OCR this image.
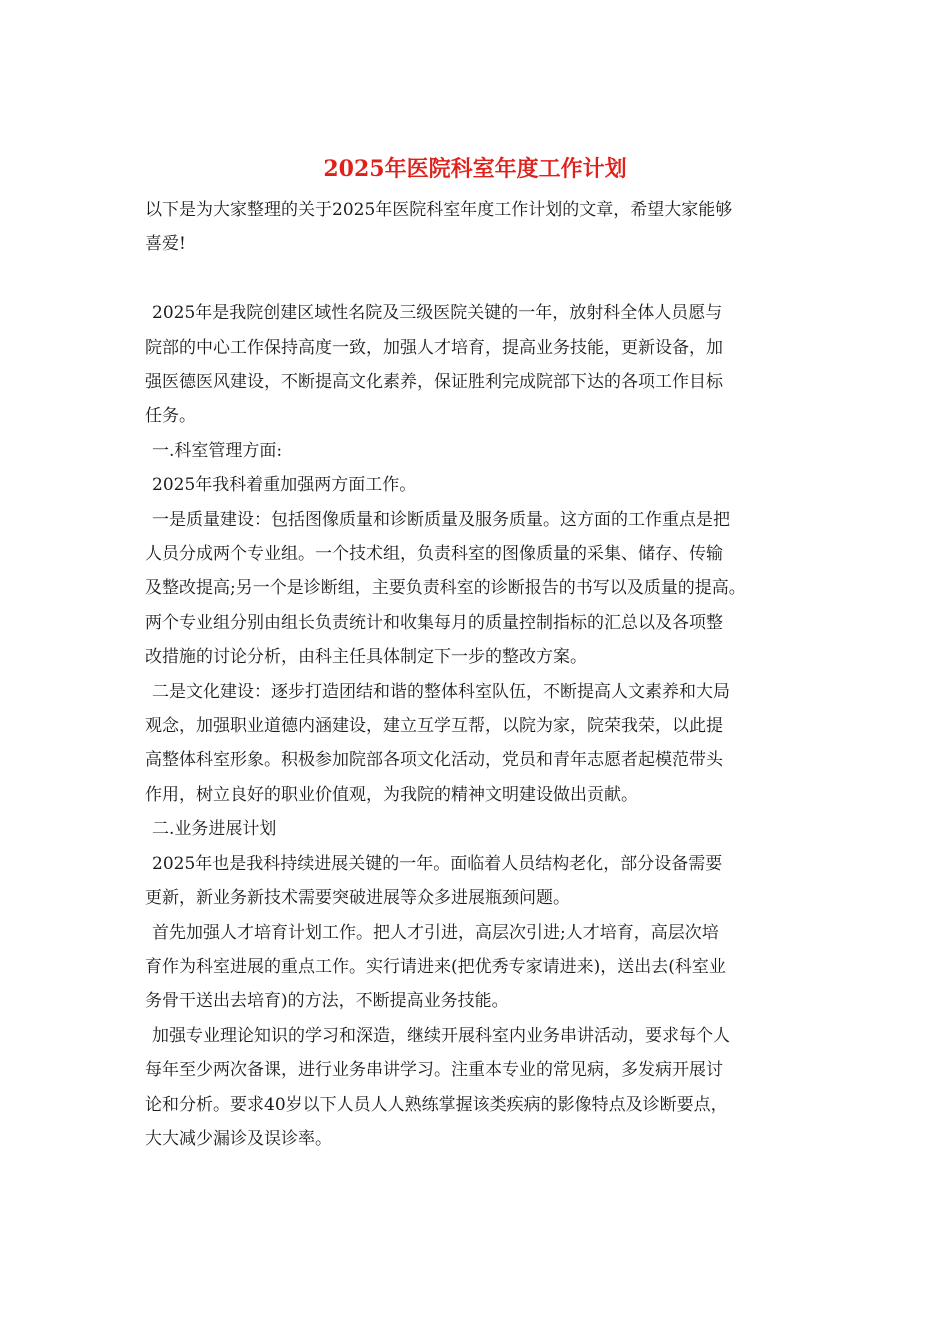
2025年医院科室年度工作计划

以下是为大家整理的关于2025年医院科室年度工作计划的文章，希望大家能够
喜爱!

2025年是我院创建区域性名院及三级医院关键的一年，放射科全体人员愿与
院部的中心工作保持高度一致，加强人才培育，提高业务技能，更新设备，加
强医德医风建设，不断提高文化素养，保证胜利完成院部下达的各项工作目标
任务。

一.科室管理方面:

2025年我科着重加强两方面工作。

一是质量建设：包括图像质量和诊断质量及服务质量。这方面的工作重点是把
人员分成两个专业组。一个技术组，负责科室的图像质量的采集、储存、传输
及整改提高;另一个是诊断组，主要负责科室的诊断报告的书写以及质量的提高。
两个专业组分别由组长负责统计和收集每月的质量控制指标的汇总以及各项整
改措施的讨论分析，由科主任具体制定下一步的整改方案。

二是文化建设：逐步打造团结和谐的整体科室队伍，不断提高人文素养和大局
观念，加强职业道德内涵建设，建立互学互帮，以院为家，院荣我荣，以此提
高整体科室形象。积极参加院部各项文化活动，党员和青年志愿者起模范带头
作用，树立良好的职业价值观，为我院的精神文明建设做出贡献。

二.业务进展计划

2025年也是我科持续进展关键的一年。面临着人员结构老化，部分设备需要
更新，新业务新技术需要突破进展等众多进展瓶颈问题。

首先加强人才培育计划工作。把人才引进，高层次引进;人才培育，高层次培
育作为科室进展的重点工作。实行请进来(把优秀专家请进来)，送出去(科室业
务骨干送出去培育)的方法，不断提高业务技能。

加强专业理论知识的学习和深造，继续开展科室内业务串讲活动，要求每个人
每年至少两次备课，进行业务串讲学习。注重本专业的常见病，多发病开展讨
论和分析。要求40岁以下人员人人熟练掌握该类疾病的影像特点及诊断要点，
大大减少漏诊及误诊率。
